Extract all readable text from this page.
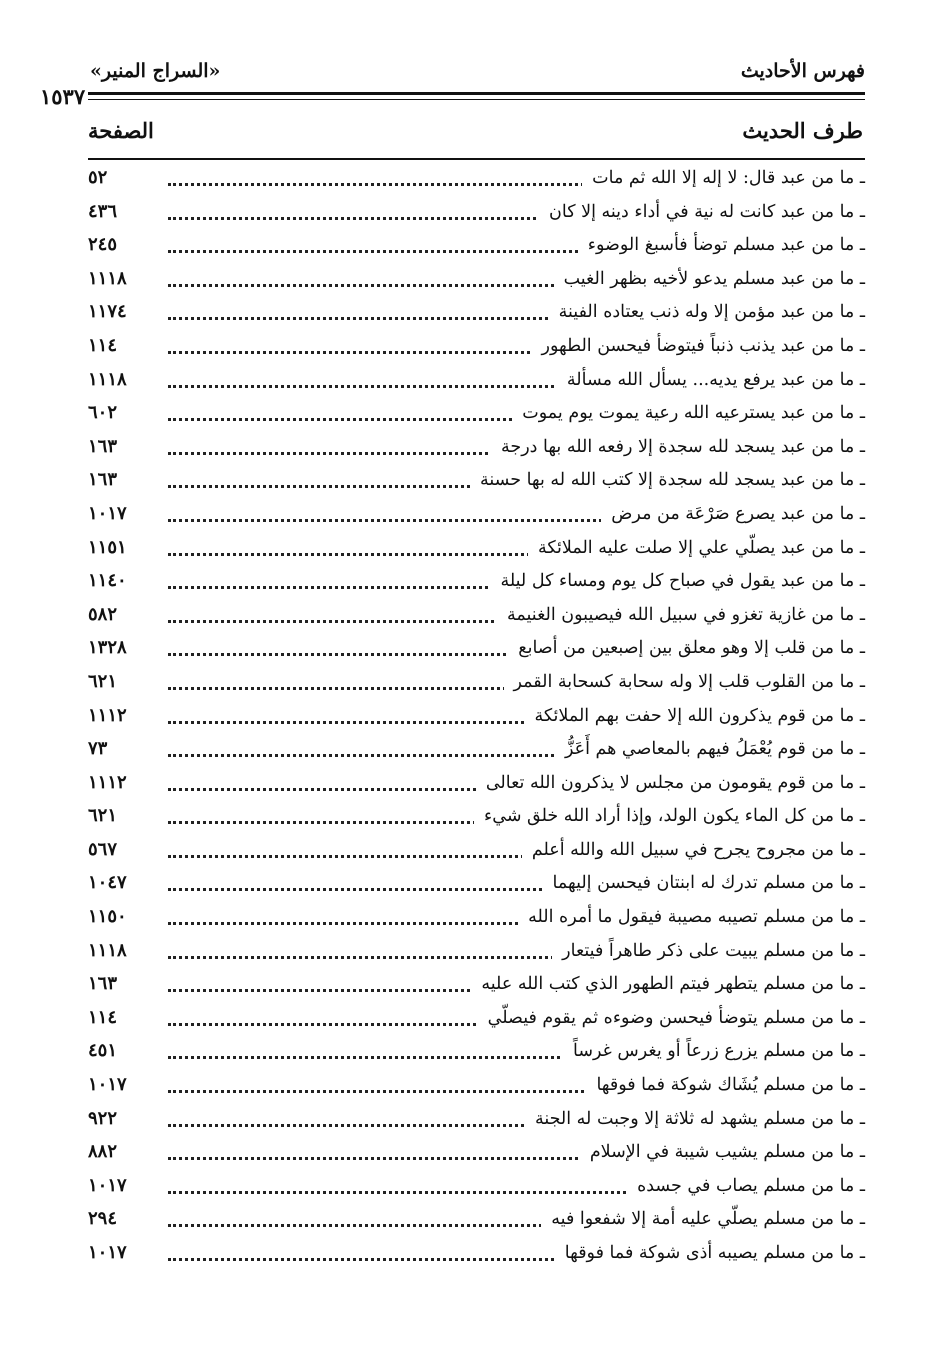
فهرس الأحاديث
«السراج المنير»
١٥٣٧
طرف الحديث
الصفحة
ـ ما من عبد قال: لا إله إلا الله ثم مات
٥٢
ـ ما من عبد كانت له نية في أداء دينه إلا كان
٤٣٦
ـ ما من عبد مسلم توضأ فأسبغ الوضوء
٢٤٥
ـ ما من عبد مسلم يدعو لأخيه بظهر الغيب
١١١٨
ـ ما من عبد مؤمن إلا وله ذنب يعتاده الفينة
١١٧٤
ـ ما من عبد يذنب ذنباً فيتوضأ فيحسن الطهور
١١٤
ـ ما من عبد يرفع يديه... يسأل الله مسألة
١١١٨
ـ ما من عبد يسترعيه الله رعية يموت يوم يموت
٦٠٢
ـ ما من عبد يسجد لله سجدة إلا رفعه الله بها درجة
١٦٣
ـ ما من عبد يسجد لله سجدة إلا كتب الله له بها حسنة
١٦٣
ـ ما من عبد يصرع صَرْعَة من مرض
١٠١٧
ـ ما من عبد يصلّي علي إلا صلت عليه الملائكة
١١٥١
ـ ما من عبد يقول في صباح كل يوم ومساء كل ليلة
١١٤٠
ـ ما من غازية تغزو في سبيل الله فيصيبون الغنيمة
٥٨٢
ـ ما من قلب إلا وهو معلق بين إصبعين من أصابع
١٣٢٨
ـ ما من القلوب قلب إلا وله سحابة كسحابة القمر
٦٢١
ـ ما من قوم يذكرون الله إلا حفت بهم الملائكة
١١١٢
ـ ما من قوم يُعْمَلُ فيهم بالمعاصي هم أَعَزُّ
٧٣
ـ ما من قوم يقومون من مجلس لا يذكرون الله تعالى
١١١٢
ـ ما من كل الماء يكون الولد، وإذا أراد الله خلق شيء
٦٢١
ـ ما من مجروح يجرح في سبيل الله والله أعلم
٥٦٧
ـ ما من مسلم تدرك له ابنتان فيحسن إليهما
١٠٤٧
ـ ما من مسلم تصيبه مصيبة فيقول ما أمره الله
١١٥٠
ـ ما من مسلم يبيت على ذكر طاهراً فيتعار
١١١٨
ـ ما من مسلم يتطهر فيتم الطهور الذي كتب الله عليه
١٦٣
ـ ما من مسلم يتوضأ فيحسن وضوءه ثم يقوم فيصلّي
١١٤
ـ ما من مسلم يزرع زرعاً أو يغرس غرساً
٤٥١
ـ ما من مسلم يُشَاك شوكة فما فوقها
١٠١٧
ـ ما من مسلم يشهد له ثلاثة إلا وجبت له الجنة
٩٢٢
ـ ما من مسلم يشيب شيبة في الإسلام
٨٨٢
ـ ما من مسلم يصاب في جسده
١٠١٧
ـ ما من مسلم يصلّي عليه أمة إلا شفعوا فيه
٢٩٤
ـ ما من مسلم يصيبه أذى شوكة فما فوقها
١٠١٧
